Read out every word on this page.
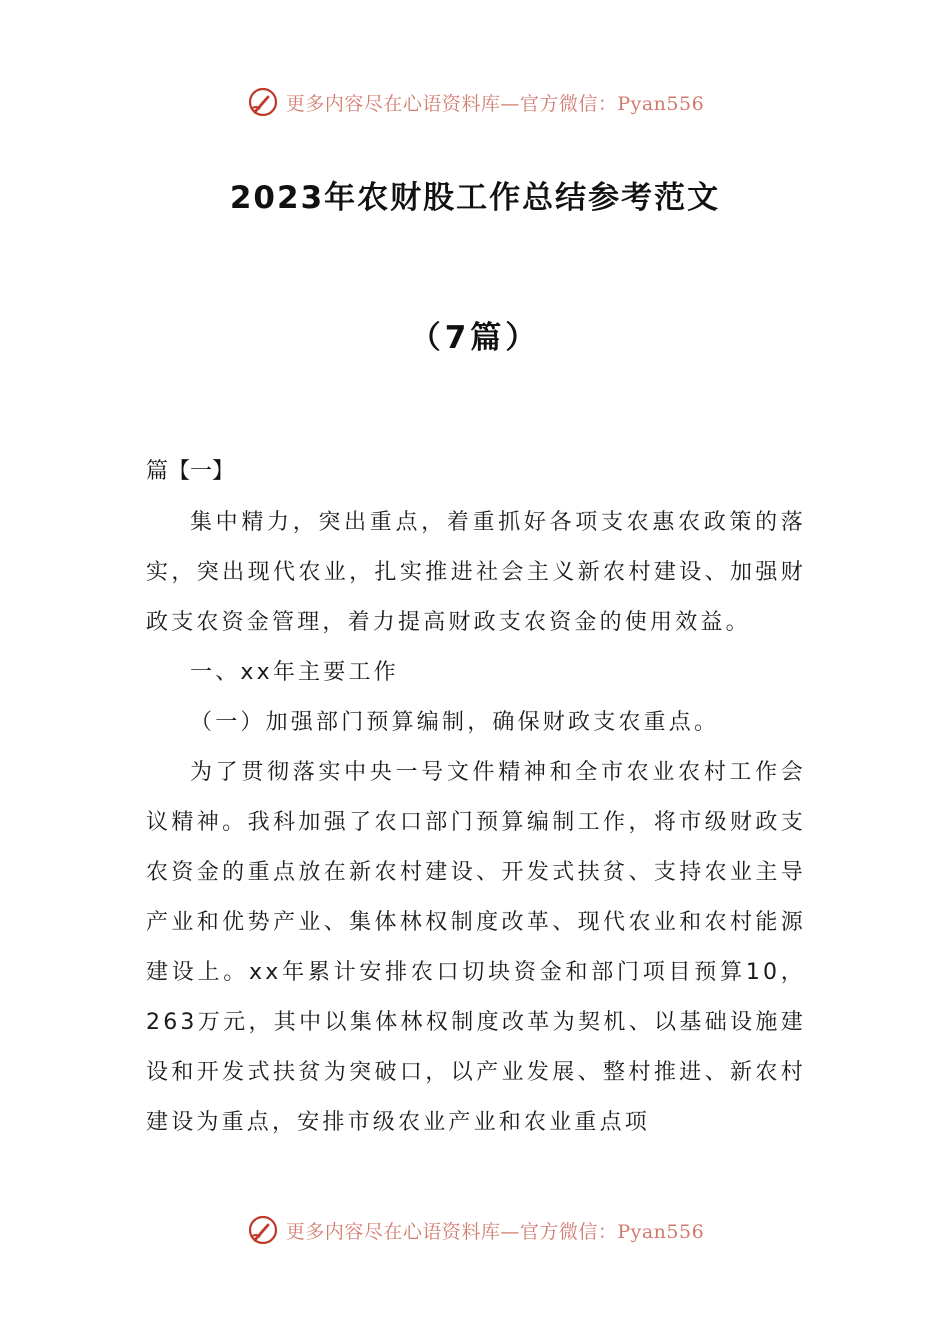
更多内容尽在心语资料库—官方微信：Pyan556
2023年农财股工作总结参考范文
（7篇）
篇【一】

集中精力，突出重点，着重抓好各项支农惠农政策的落实，突出现代农业，扎实推进社会主义新农村建设、加强财政支农资金管理，着力提高财政支农资金的使用效益。

一、xx年主要工作

（一）加强部门预算编制，确保财政支农重点。

为了贯彻落实中央一号文件精神和全市农业农村工作会议精神。我科加强了农口部门预算编制工作，将市级财政支农资金的重点放在新农村建设、开发式扶贫、支持农业主导产业和优势产业、集体林权制度改革、现代农业和农村能源建设上。xx年累计安排农口切块资金和部门项目预算10，263万元，其中以集体林权制度改革为契机、以基础设施建设和开发式扶贫为突破口，以产业发展、整村推进、新农村建设为重点，安排市级农业产业和农业重点项

更多内容尽在心语资料库—官方微信：Pyan556
